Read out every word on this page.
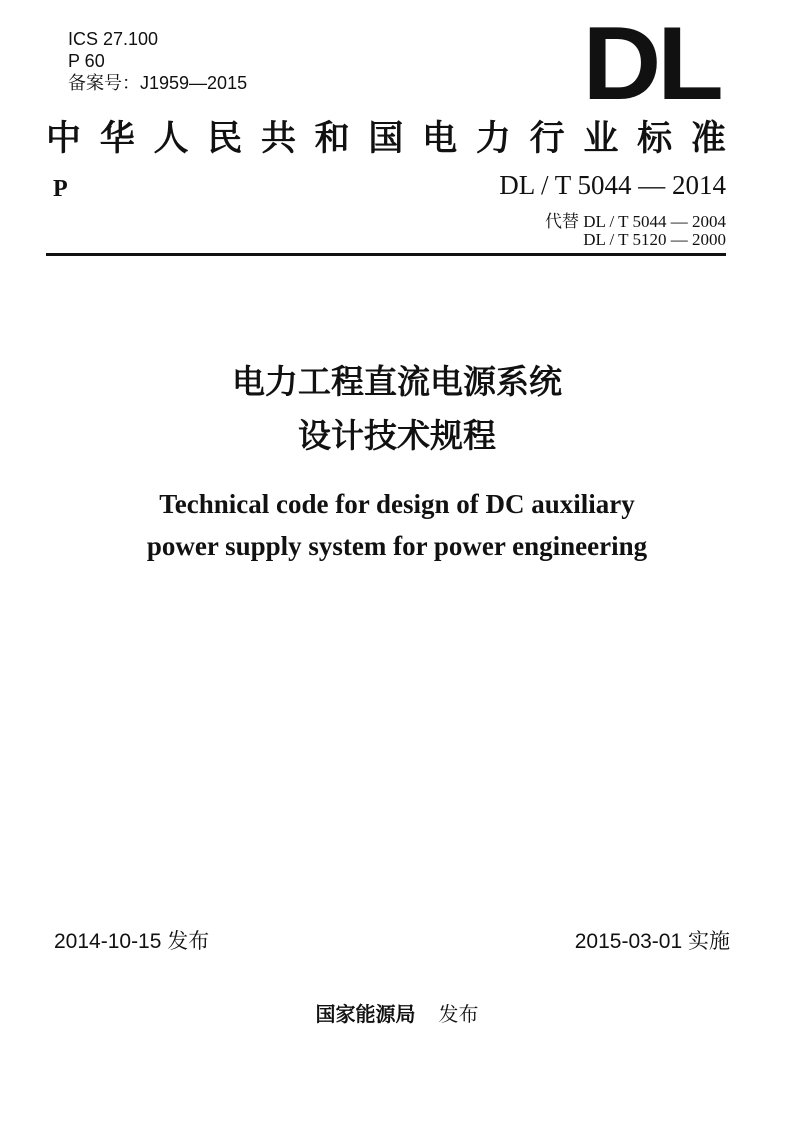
ICS 27.100
P 60
备案号：J1959—2015	DL
中 华 人 民 共 和 国 电 力 行 业 标 准
P	DL / T 5044 — 2014
代替 DL / T 5044 — 2004
DL / T 5120 — 2000
电力工程直流电源系统
设计技术规程
Technical code for design of DC auxiliary
power supply system for power engineering
2014-10-15 发布	2015-03-01 实施
国家能源局 发布
